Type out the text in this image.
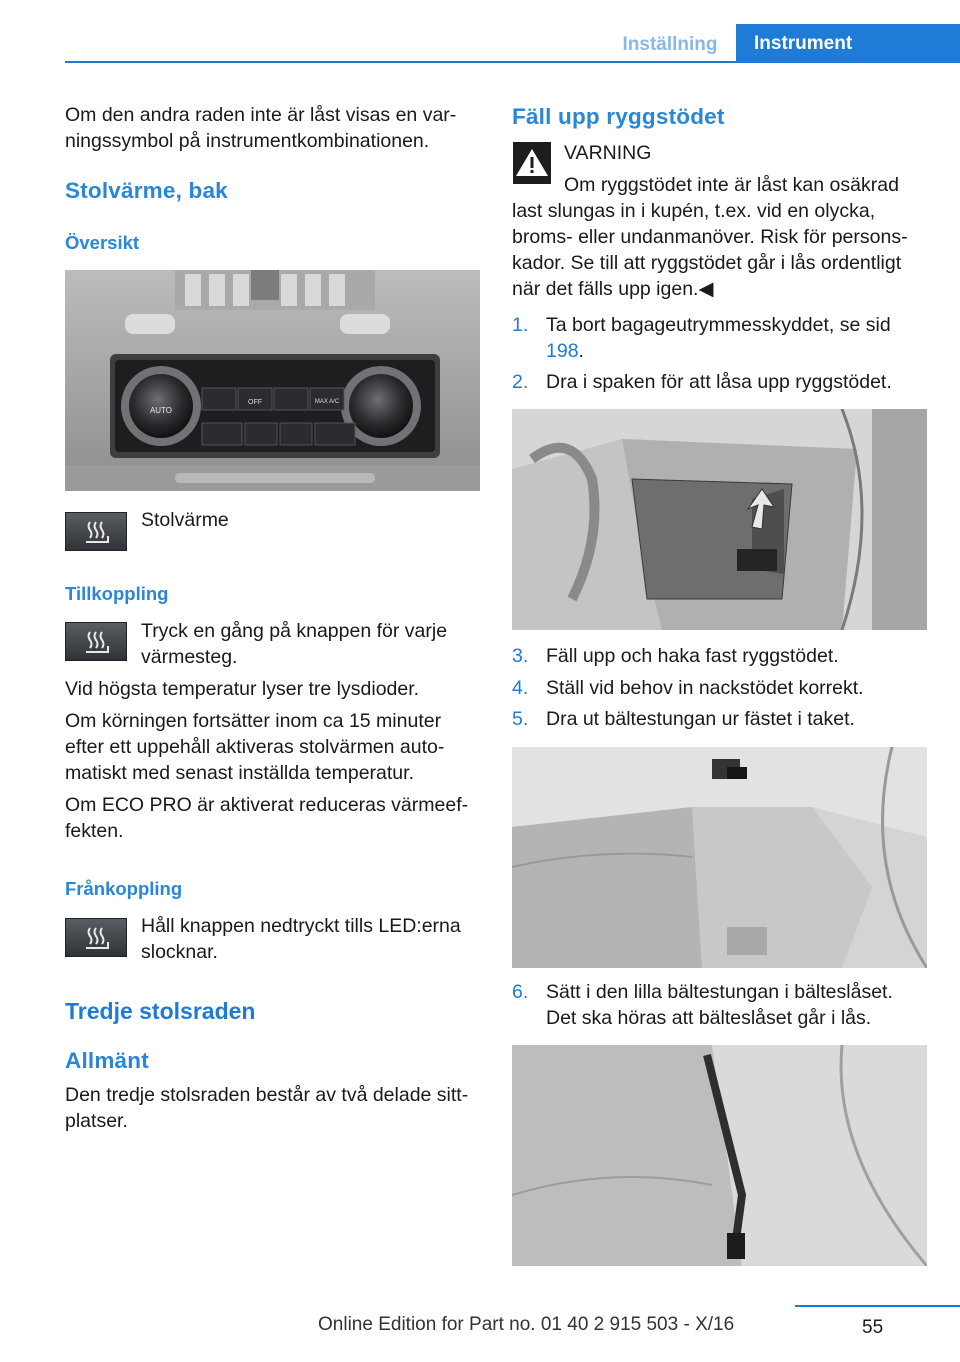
Inställning	Instrument
Om den andra raden inte är låst visas en varningssymbol på instrumentkombinationen.
Stolvärme, bak
Översikt
AUTO
OFF	MAX A/C
Stolvärme
Tillkoppling
Tryck en gång på knappen för varje värmesteg.
Vid högsta temperatur lyser tre lysdioder.
Om körningen fortsätter inom ca 15 minuter efter ett uppehåll aktiveras stolvärmen automatiskt med senast inställda temperatur.
Om ECO PRO är aktiverat reduceras värmeeffekten.
Frånkoppling
Håll knappen nedtryckt tills LED:erna slocknar.
Tredje stolsraden
Allmänt
Den tredje stolsraden består av två delade sittplatser.
Fäll upp ryggstödet
VARNING
Om ryggstödet inte är låst kan osäkrad last slungas in i kupén, t.ex. vid en olycka, broms- eller undanmanöver. Risk för personskador. Se till att ryggstödet går i lås ordentligt när det fälls upp igen.◀
1. Ta bort bagageutrymmesskyddet, se sid 198.
2. Dra i spaken för att låsa upp ryggstödet.
3. Fäll upp och haka fast ryggstödet.
4. Ställ vid behov in nackstödet korrekt.
5. Dra ut bältestungan ur fästet i taket.
6. Sätt i den lilla bältestungan i bälteslåset. Det ska höras att bälteslåset går i lås.
55
Online Edition for Part no. 01 40 2 915 503 - X/16
